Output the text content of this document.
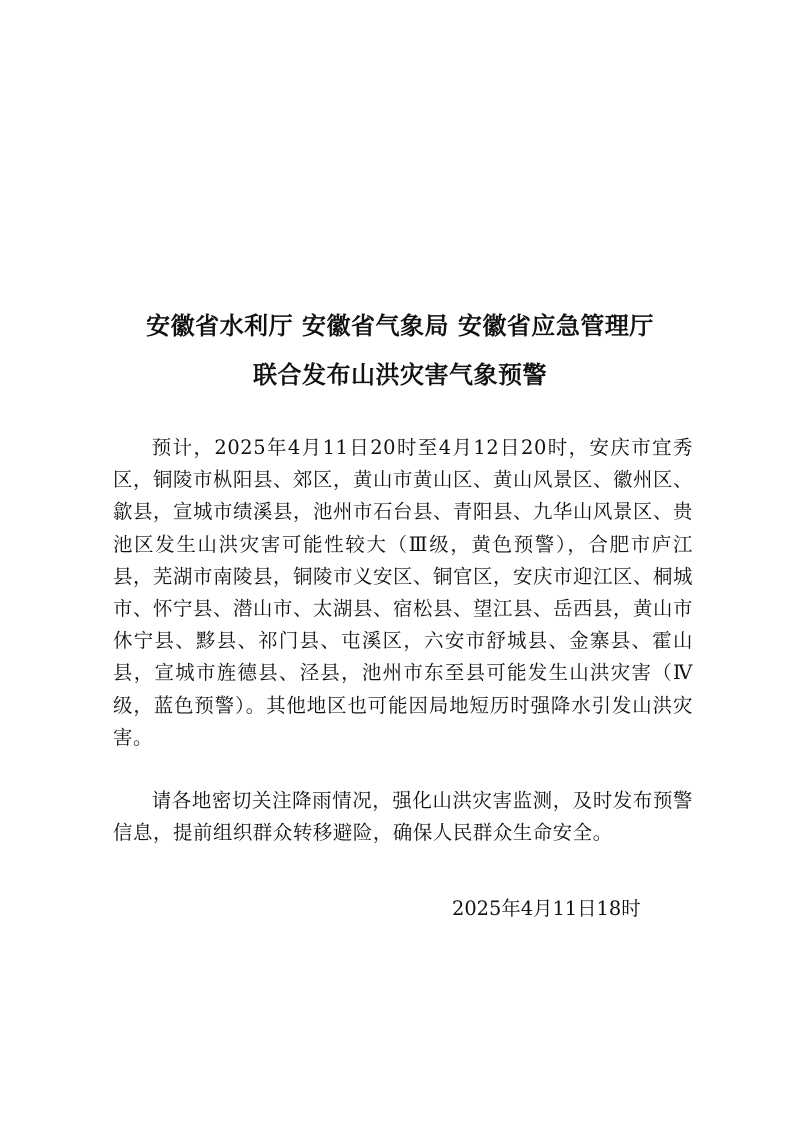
安徽省水利厅 安徽省气象局 安徽省应急管理厅
联合发布山洪灾害气象预警

预计，2025年4月11日20时至4月12日20时，安庆市宜秀区，铜陵市枞阳县、郊区，黄山市黄山区、黄山风景区、徽州区、歙县，宣城市绩溪县，池州市石台县、青阳县、九华山风景区、贵池区发生山洪灾害可能性较大（Ⅲ级，黄色预警），合肥市庐江县，芜湖市南陵县，铜陵市义安区、铜官区，安庆市迎江区、桐城市、怀宁县、潜山市、太湖县、宿松县、望江县、岳西县，黄山市休宁县、黟县、祁门县、屯溪区，六安市舒城县、金寨县、霍山县，宣城市旌德县、泾县，池州市东至县可能发生山洪灾害（Ⅳ级，蓝色预警）。其他地区也可能因局地短历时强降水引发山洪灾害。

请各地密切关注降雨情况，强化山洪灾害监测，及时发布预警信息，提前组织群众转移避险，确保人民群众生命安全。

2025年4月11日18时
